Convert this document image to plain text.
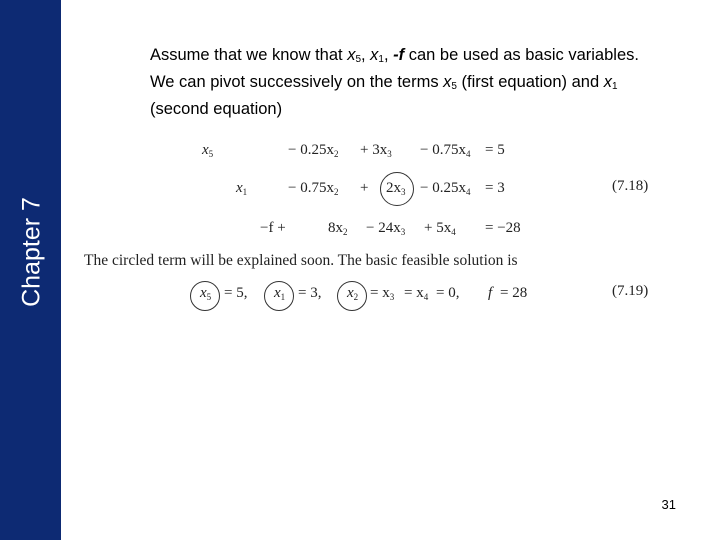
Chapter 7
Assume that we know that $x_5$, $x_1$, -f can be used as basic variables. We can pivot successively on the terms $x_5$ (first equation) and $x_1$ (second equation)
$x_5$	− $0.25x_2 + 3x_3 - 0.75x_4 = 5$
$x_1$	− $0.75x_2 + 2x_3 - 0.25x_4 = 3$	(7.18)
−f +	$8x_2 - 24x_3 + 5x_4 = -28$
The circled term will be explained soon. The basic feasible solution is
$x_5 = 5$, $x_1 = 3$, $x_2 = x_3 = x_4 = 0$, f = 28	(7.19)
31
